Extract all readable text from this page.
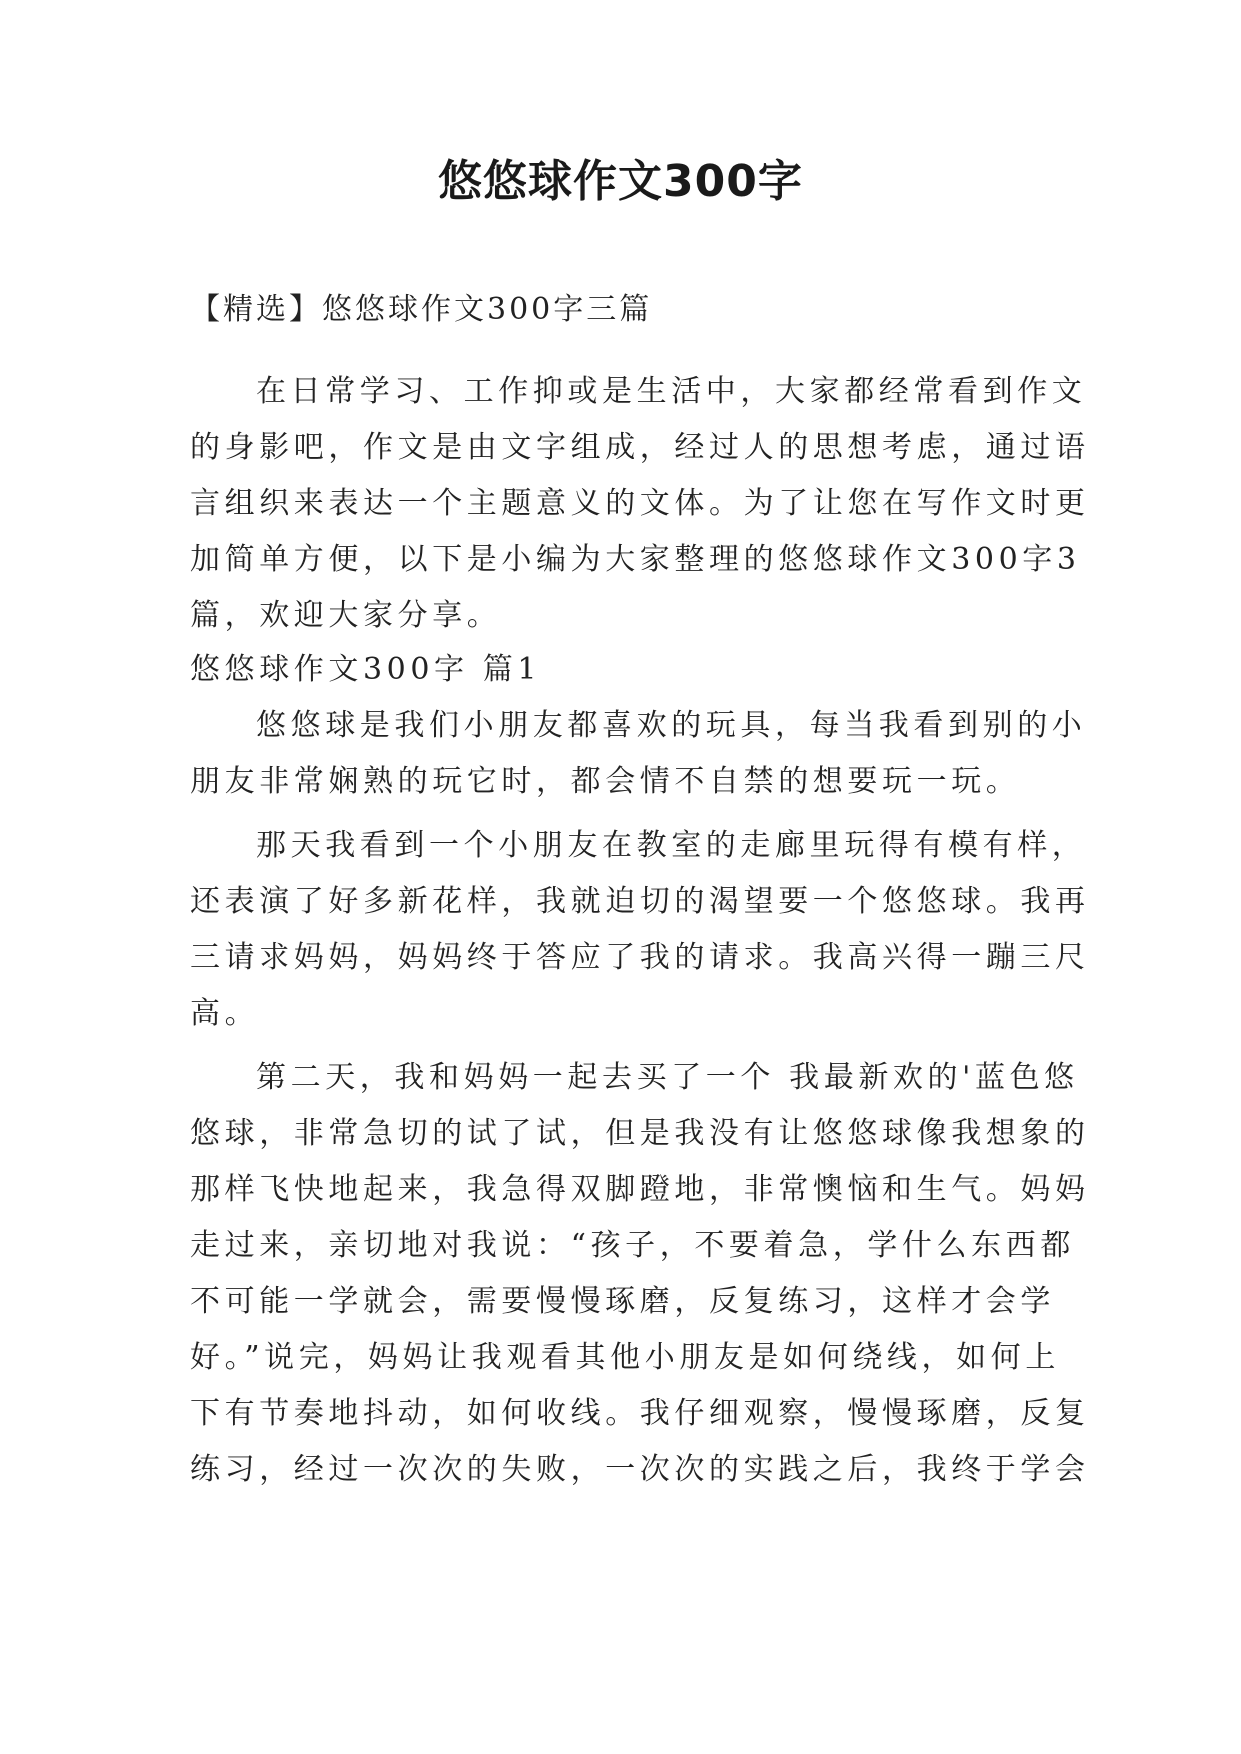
悠悠球作文300字
【精选】悠悠球作文300字三篇
在日常学习、工作抑或是生活中，大家都经常看到作文
的身影吧，作文是由文字组成，经过人的思想考虑，通过语
言组织来表达一个主题意义的文体。为了让您在写作文时更
加简单方便，以下是小编为大家整理的悠悠球作文300字3
篇，欢迎大家分享。
悠悠球作文300字 篇1
悠悠球是我们小朋友都喜欢的玩具，每当我看到别的小
朋友非常娴熟的玩它时，都会情不自禁的想要玩一玩。
那天我看到一个小朋友在教室的走廊里玩得有模有样，
还表演了好多新花样，我就迫切的渴望要一个悠悠球。我再
三请求妈妈，妈妈终于答应了我的请求。我高兴得一蹦三尺
高。
第二天，我和妈妈一起去买了一个 我最新欢的'蓝色悠
悠球，非常急切的试了试，但是我没有让悠悠球像我想象的
那样飞快地起来，我急得双脚蹬地，非常懊恼和生气。妈妈
走过来，亲切地对我说：“孩子，不要着急，学什么东西都
不可能一学就会，需要慢慢琢磨，反复练习，这样才会学
好。”说完，妈妈让我观看其他小朋友是如何绕线，如何上
下有节奏地抖动，如何收线。我仔细观察，慢慢琢磨，反复
练习，经过一次次的失败，一次次的实践之后，我终于学会
